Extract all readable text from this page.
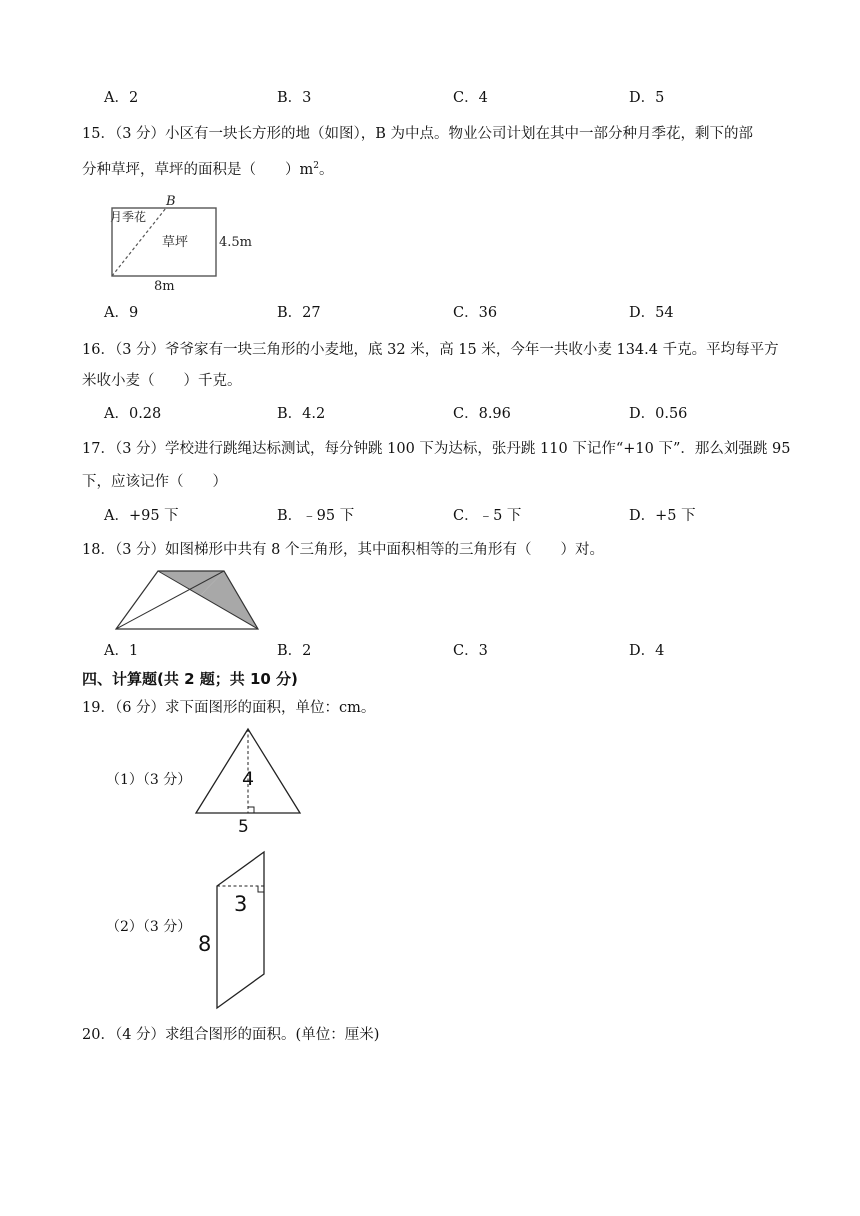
A．2	B．3	C．4	D．5
15．（3 分）小区有一块长方形的地（如图），B 为中点。物业公司计划在其中一部分种月季花，剩下的部
分种草坪，草坪的面积是（　　）$m^2$。
B
月季花
草坪 4.5m
8m
A．9	B．27	C．36	D．54
16．（3 分）爷爷家有一块三角形的小麦地，底 32 米，高 15 米，今年一共收小麦 134.4 千克。平均每平方
米收小麦（　　）千克。
A．0.28	B．4.2	C．8.96	D．0.56
17．（3 分）学校进行跳绳达标测试，每分钟跳 100 下为达标，张丹跳 110 下记作“+10 下”．那么刘强跳 95
下，应该记作（　　）
A．+95 下	B．﹣95 下	C．﹣5 下	D．+5 下
18．（3 分）如图梯形中共有 8 个三角形，其中面积相等的三角形有（　　）对。
A．1	B．2	C．3	D．4
四、计算题(共 2 题；共 10 分)
19．（6 分）求下面图形的面积，单位：cm。
（1）（3 分）	4
5
（2）（3 分）
3
8
20．（4 分）求组合图形的面积。(单位：厘米)
